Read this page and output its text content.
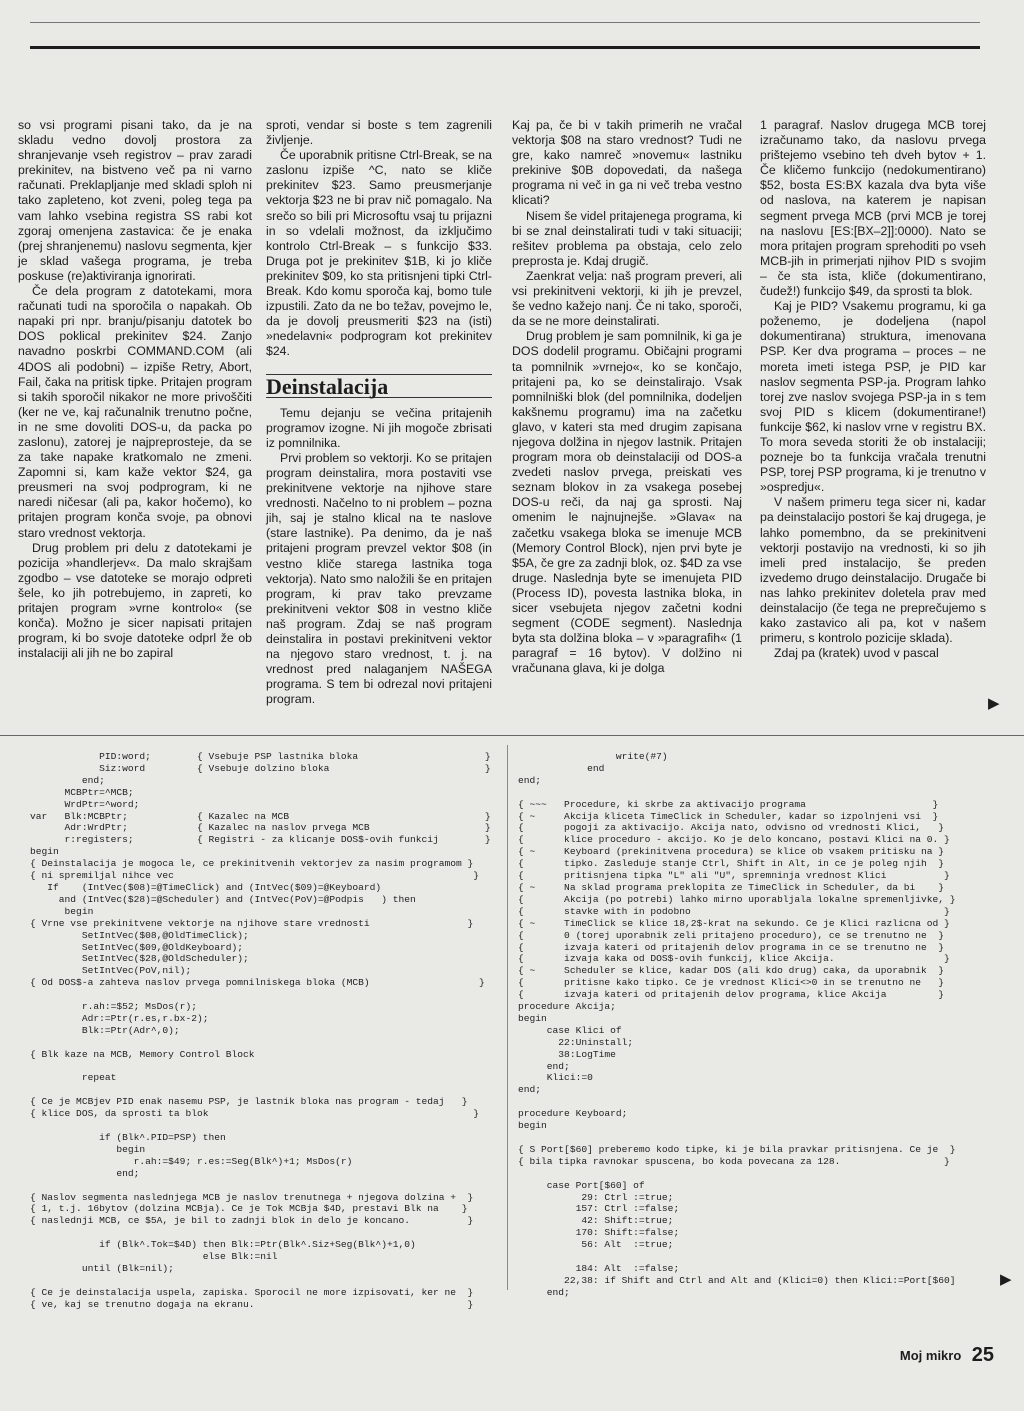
so vsi programi pisani tako, da je na skladu vedno dovolj prostora za shranjevanje vseh registrov – prav zaradi prekinitev, na bistveno več pa ni varno računati. Preklapljanje med skladi sploh ni tako zapleteno, kot zveni, poleg tega pa vam lahko vsebina registra SS rabi kot zgoraj omenjena zastavica: če je enaka (prej shranjenemu) naslovu segmenta, kjer je sklad vašega programa, je treba poskuse (re)aktiviranja ignorirati.

Če dela program z datotekami, mora računati tudi na sporočila o napakah. Ob napaki pri npr. branju/pisanju datotek bo DOS poklical prekinitev $24. Zanjo navadno poskrbi COMMAND.COM (ali 4DOS ali podobni) – izpiše Retry, Abort, Fail, čaka na pritisk tipke. Pritajen program si takih sporočil nikakor ne more privoščiti (ker ne ve, kaj računalnik trenutno počne, in ne sme dovoliti DOS-u, da packa po zaslonu), zatorej je najpreprosteje, da se za take napake kratkomalo ne zmeni. Zapomni si, kam kaže vektor $24, ga preusmeri na svoj podprogram, ki ne naredi ničesar (ali pa, kakor hočemo), ko pritajen program konča svoje, pa obnovi staro vrednost vektorja.

Drug problem pri delu z datotekami je pozicija »handlerjev«. Da malo skrajšam zgodbo – vse datoteke se morajo odpreti šele, ko jih potrebujemo, in zapreti, ko pritajen program »vrne kontrolo« (se konča). Možno je sicer napisati pritajen program, ki bo svoje datoteke odprl že ob instalaciji ali jih ne bo zapiral

sproti, vendar si boste s tem zagrenili življenje.

Če uporabnik pritisne Ctrl-Break, se na zaslonu izpiše ^C, nato se kliče prekinitev $23. Samo preusmerjanje vektorja $23 ne bi prav nič pomagalo. Na srečo so bili pri Microsoftu vsaj tu prijazni in so vdelali možnost, da izključimo kontrolo Ctrl-Break – s funkcijo $33. Druga pot je prekinitev $1B, ki jo kliče prekinitev $09, ko sta pritisnjeni tipki Ctrl-Break. Kdo komu sporoča kaj, bomo tule izpustili. Zato da ne bo težav, povejmo le, da je dovolj preusmeriti $23 na (isti) »nedelavni« podprogram kot prekinitev $24.

Deinstalacija

Temu dejanju se večina pritajenih programov izogne. Ni jih mogoče zbrisati iz pomnilnika.

Prvi problem so vektorji. Ko se pritajen program deinstalira, mora postaviti vse prekinitvene vektorje na njihove stare vrednosti. Načelno to ni problem – pozna jih, saj je stalno klical na te naslove (stare lastnike). Pa denimo, da je naš pritajeni program prevzel vektor $08 (in vestno kliče starega lastnika toga vektorja). Nato smo naložili še en pritajen program, ki prav tako prevzame prekinitveni vektor $08 in vestno kliče naš program. Zdaj se naš program deinstalira in postavi prekinitveni vektor na njegovo staro vrednost, t. j. na vrednost pred nalaganjem NAŠEGA programa. S tem bi odrezal novi pritajeni program.

Kaj pa, če bi v takih primerih ne vračal vektorja $08 na staro vrednost? Tudi ne gre, kako namreč »novemu« lastniku prekinive $0B dopovedati, da našega programa ni več in ga ni več treba vestno klicati?

Nisem še videl pritajenega programa, ki bi se znal deinstalirati tudi v taki situaciji; rešitev problema pa obstaja, celo zelo preprosta je. Kdaj drugič.

Zaenkrat velja: naš program preveri, ali vsi prekinitveni vektorji, ki jih je prevzel, še vedno kažejo nanj. Če ni tako, sporoči, da se ne more deinstalirati.

Drug problem je sam pomnilnik, ki ga je DOS dodelil programu. Običajni programi ta pomnilnik »vrnejo«, ko se končajo, pritajeni pa, ko se deinstalirajo. Vsak pomnilniški blok (del pomnilnika, dodeljen kakšnemu programu) ima na začetku glavo, v kateri sta med drugim zapisana njegova dolžina in njegov lastnik. Pritajen program mora ob deinstalaciji od DOS-a zvedeti naslov prvega, preiskati ves seznam blokov in za vsakega posebej DOS-u reči, da naj ga sprosti. Naj omenim le najnujnejše. »Glava« na začetku vsakega bloka se imenuje MCB (Memory Control Block), njen prvi byte je $5A, če gre za zadnji blok, oz. $4D za vse druge. Naslednja byte se imenujeta PID (Process ID), povesta lastnika bloka, in sicer vsebujeta njegov začetni kodni segment (CODE segment). Naslednja byta sta dolžina bloka – v »paragrafih« (1 paragraf = 16 bytov). V dolžino ni vračunana glava, ki je dolga

1 paragraf. Naslov drugega MCB torej izračunamo tako, da naslovu prvega prištejemo vsebino teh dveh bytov + 1. Če kličemo funkcijo (nedokumentirano) $52, bosta ES:BX kazala dva byta više od naslova, na katerem je napisan segment prvega MCB (prvi MCB je torej na naslovu [ES:[BX–2]]:0000). Nato se mora pritajen program sprehoditi po vseh MCB-jih in primerjati njihov PID s svojim – če sta ista, kliče (dokumentirano, čudež!) funkcijo $49, da sprosti ta blok.

Kaj je PID? Vsakemu programu, ki ga poženemo, je dodeljena (napol dokumentirana) struktura, imenovana PSP. Ker dva programa – proces – ne moreta imeti istega PSP, je PID kar naslov segmenta PSP-ja. Program lahko torej zve naslov svojega PSP-ja in s tem svoj PID s klicem (dokumentirane!) funkcije $62, ki naslov vrne v registru BX. To mora seveda storiti že ob instalaciji; pozneje bo ta funkcija vračala trenutni PSP, torej PSP programa, ki je trenutno v »ospredju«.

V našem primeru tega sicer ni, kadar pa deinstalacijo postori še kaj drugega, je lahko pomembno, da se prekinitveni vektorji postavijo na vrednosti, ki so jih imeli pred instalacijo, še preden izvedemo drugo deinstalacijo. Drugače bi nas lahko prekinitev doletela prav med deinstalacijo (če tega ne preprečujemo s kako zastavico ali pa, kot v našem primeru, s kontrolo pozicije sklada).

Zdaj pa (kratek) uvod v pascal

▶
PID:word;        { Vsebuje PSP lastnika bloka                      }
Siz:word         { Vsebuje dolzino bloka                           }
end;
MCBPtr=^MCB;
WrdPtr=^word;
var   Blk:MCBPtr;            { Kazalec na MCB                                  }
Adr:WrdPtr;            { Kazalec na naslov prvega MCB                    }
r:registers;           { Registri - za klicanje DOS$-ovih funkcij        }
begin
{ Deinstalacija je mogoca le, ce prekinitvenih vektorjev za nasim programom }
{ ni spremiljal nihce vec                                                    }
If    (IntVec($08)=@TimeClick) and (IntVec($09)=@Keyboard)
and (IntVec($28)=@Scheduler) and (IntVec(PoV)=@Podpis   ) then
begin
{ Vrne vse prekinitvene vektorje na njihove stare vrednosti                 }
SetIntVec($08,@OldTimeClick);
SetIntVec($09,@OldKeyboard);
SetIntVec($28,@OldScheduler);
SetIntVec(PoV,nil);
{ Od DOS$-a zahteva naslov prvega pomnilniskega bloka (MCB)                   }

r.ah:=$52; MsDos(r);
Adr:=Ptr(r.es,r.bx-2);
Blk:=Ptr(Adr^,0);

{ Blk kaze na MCB, Memory Control Block

repeat

{ Ce je MCBjev PID enak nasemu PSP, je lastnik bloka nas program - tedaj   }
{ klice DOS, da sprosti ta blok                                              }

if (Blk^.PID=PSP) then
begin
r.ah:=$49; r.es:=Seg(Blk^)+1; MsDos(r)
end;

{ Naslov segmenta naslednjega MCB je naslov trenutnega + njegova dolzina +  }
{ 1, t.j. 16bytov (dolzina MCBja). Ce je Tok MCBja $4D, prestavi Blk na    }
{ naslednji MCB, ce $5A, je bil to zadnji blok in delo je koncano.          }

if (Blk^.Tok=$4D) then Blk:=Ptr(Blk^.Siz+Seg(Blk^)+1,0)
else Blk:=nil
until (Blk=nil);

{ Ce je deinstalacija uspela, zapiska. Sporocil ne more izpisovati, ker ne  }
{ ve, kaj se trenutno dogaja na ekranu.                                     }
write(#7)
end
end;

{ ~~~   Procedure, ki skrbe za aktivacijo programa                      }
{ ~     Akcija kliceta TimeClick in Scheduler, kadar so izpolnjeni vsi  }
{       pogoji za aktivacijo. Akcija nato, odvisno od vrednosti Klici,   }
{       klice proceduro - akcijo. Ko je delo koncano, postavi Klici na 0. }
{ ~     Keyboard (prekinitvena procedura) se klice ob vsakem pritisku na }
{       tipko. Zasleduje stanje Ctrl, Shift in Alt, in ce je poleg njih  }
{       pritisnjena tipka "L" ali "U", spremninja vrednost Klici          }
{ ~     Na sklad programa preklopita ze TimeClick in Scheduler, da bi    }
{       Akcija (po potrebi) lahko mirno uporabljala lokalne spremenljivke, }
{       stavke with in podobno                                            }
{ ~     TimeClick se klice 18,2$-krat na sekundo. Ce je Klici razlicna od }
{       0 (torej uporabnik zeli pritajeno proceduro), ce se trenutno ne  }
{       izvaja kateri od pritajenih delov programa in ce se trenutno ne  }
{       izvaja kaka od DOS$-ovih funkcij, klice Akcija.                   }
{ ~     Scheduler se klice, kadar DOS (ali kdo drug) caka, da uporabnik  }
{       pritisne kako tipko. Ce je vrednost Klici<>0 in se trenutno ne   }
{       izvaja kateri od pritajenih delov programa, klice Akcija         }
procedure Akcija;
begin
case Klici of
22:Uninstall;
38:LogTime
end;
Klici:=0
end;

procedure Keyboard;
begin

{ S Port[$60] preberemo kodo tipke, ki je bila pravkar pritisnjena. Ce je  }
{ bila tipka ravnokar spuscena, bo koda povecana za 128.                  }

case Port[$60] of
29: Ctrl :=true;
157: Ctrl :=false;
42: Shift:=true;
170: Shift:=false;
56: Alt  :=true;

184: Alt  :=false;
22,38: if Shift and Ctrl and Alt and (Klici=0) then Klici:=Port[$60]
end;
▶
Moj mikro 25
